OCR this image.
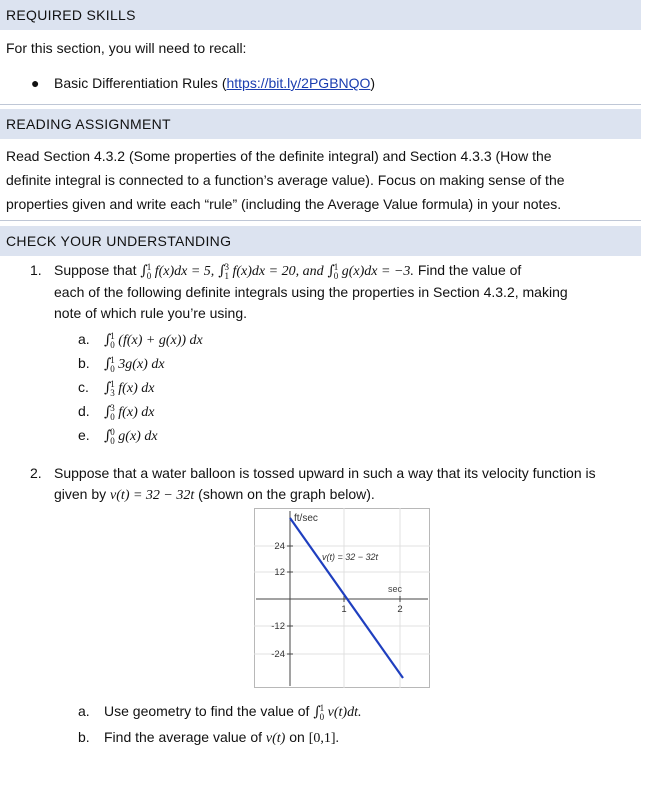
REQUIRED SKILLS
For this section, you will need to recall:
● Basic Differentiation Rules (https://bit.ly/2PGBNQO)
READING ASSIGNMENT
Read Section 4.3.2 (Some properties of the definite integral) and Section 4.3.3 (How the
definite integral is connected to a function’s average value). Focus on making sense of the
properties given and write each “rule” (including the Average Value formula) in your notes.
CHECK YOUR UNDERSTANDING
1. Suppose that ∫ 1
0 f(x)dx = 5, ∫ 3
1 f(x)dx = 20, and ∫ 1
0 g(x)dx = −3. Find the value of
each of the following definite integrals using the properties in Section 4.3.2, making
note of which rule you’re using.
a. ∫ 1
0 (f(x) + g(x)) dx
b. ∫ 1
0 3g(x) dx
c. ∫ 1
3 f(x) dx
d. ∫ 3
0 f(x) dx
e. ∫ 0
0 g(x) dx
2. Suppose that a water balloon is tossed upward in such a way that its velocity function is
given by v(t) = 32 − 32t (shown on the graph below).
ft/sec
sec
v(t) = 32 − 32t
24
12
-12
-24
1	2
a. Use geometry to find the value of ∫ 1
0 v(t)dt.
b. Find the average value of v(t) on [0,1].
